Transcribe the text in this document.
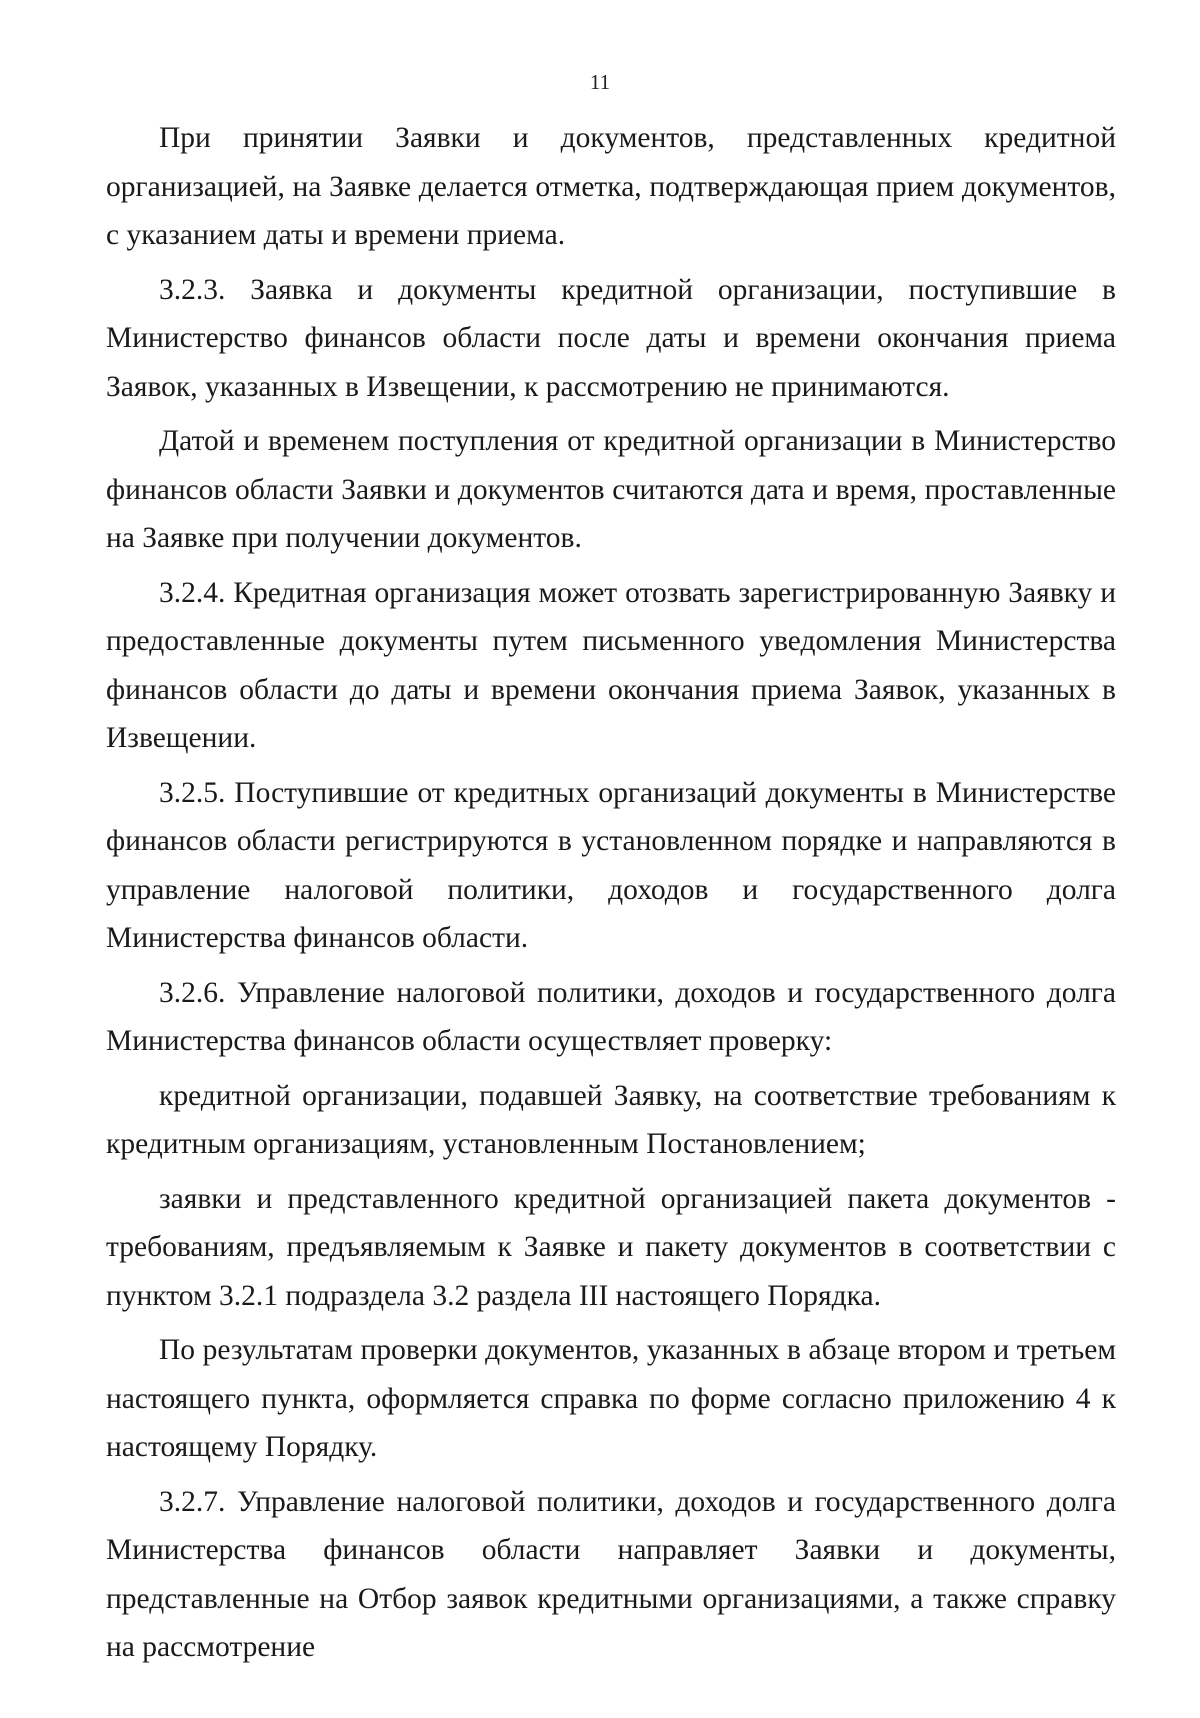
11

При принятии Заявки и документов, представленных кредитной организацией, на Заявке делается отметка, подтверждающая прием документов, с указанием даты и времени приема.

3.2.3. Заявка и документы кредитной организации, поступившие в Министерство финансов области после даты и времени окончания приема Заявок, указанных в Извещении, к рассмотрению не принимаются.

Датой и временем поступления от кредитной организации в Министерство финансов области Заявки и документов считаются дата и время, проставленные на Заявке при получении документов.

3.2.4. Кредитная организация может отозвать зарегистрированную Заявку и предоставленные документы путем письменного уведомления Министерства финансов области до даты и времени окончания приема Заявок, указанных в Извещении.

3.2.5. Поступившие от кредитных организаций документы в Министерстве финансов области регистрируются в установленном порядке и направляются в управление налоговой политики, доходов и государственного долга Министерства финансов области.

3.2.6. Управление налоговой политики, доходов и государственного долга Министерства финансов области осуществляет проверку:

кредитной организации, подавшей Заявку, на соответствие требованиям к кредитным организациям, установленным Постановлением;

заявки и представленного кредитной организацией пакета документов - требованиям, предъявляемым к Заявке и пакету документов в соответствии с пунктом 3.2.1 подраздела 3.2 раздела III настоящего Порядка.

По результатам проверки документов, указанных в абзаце втором и третьем настоящего пункта, оформляется справка по форме согласно приложению 4 к настоящему Порядку.

3.2.7. Управление налоговой политики, доходов и государственного долга Министерства финансов области направляет Заявки и документы, представленные на Отбор заявок кредитными организациями, а также справку на рассмотрение
